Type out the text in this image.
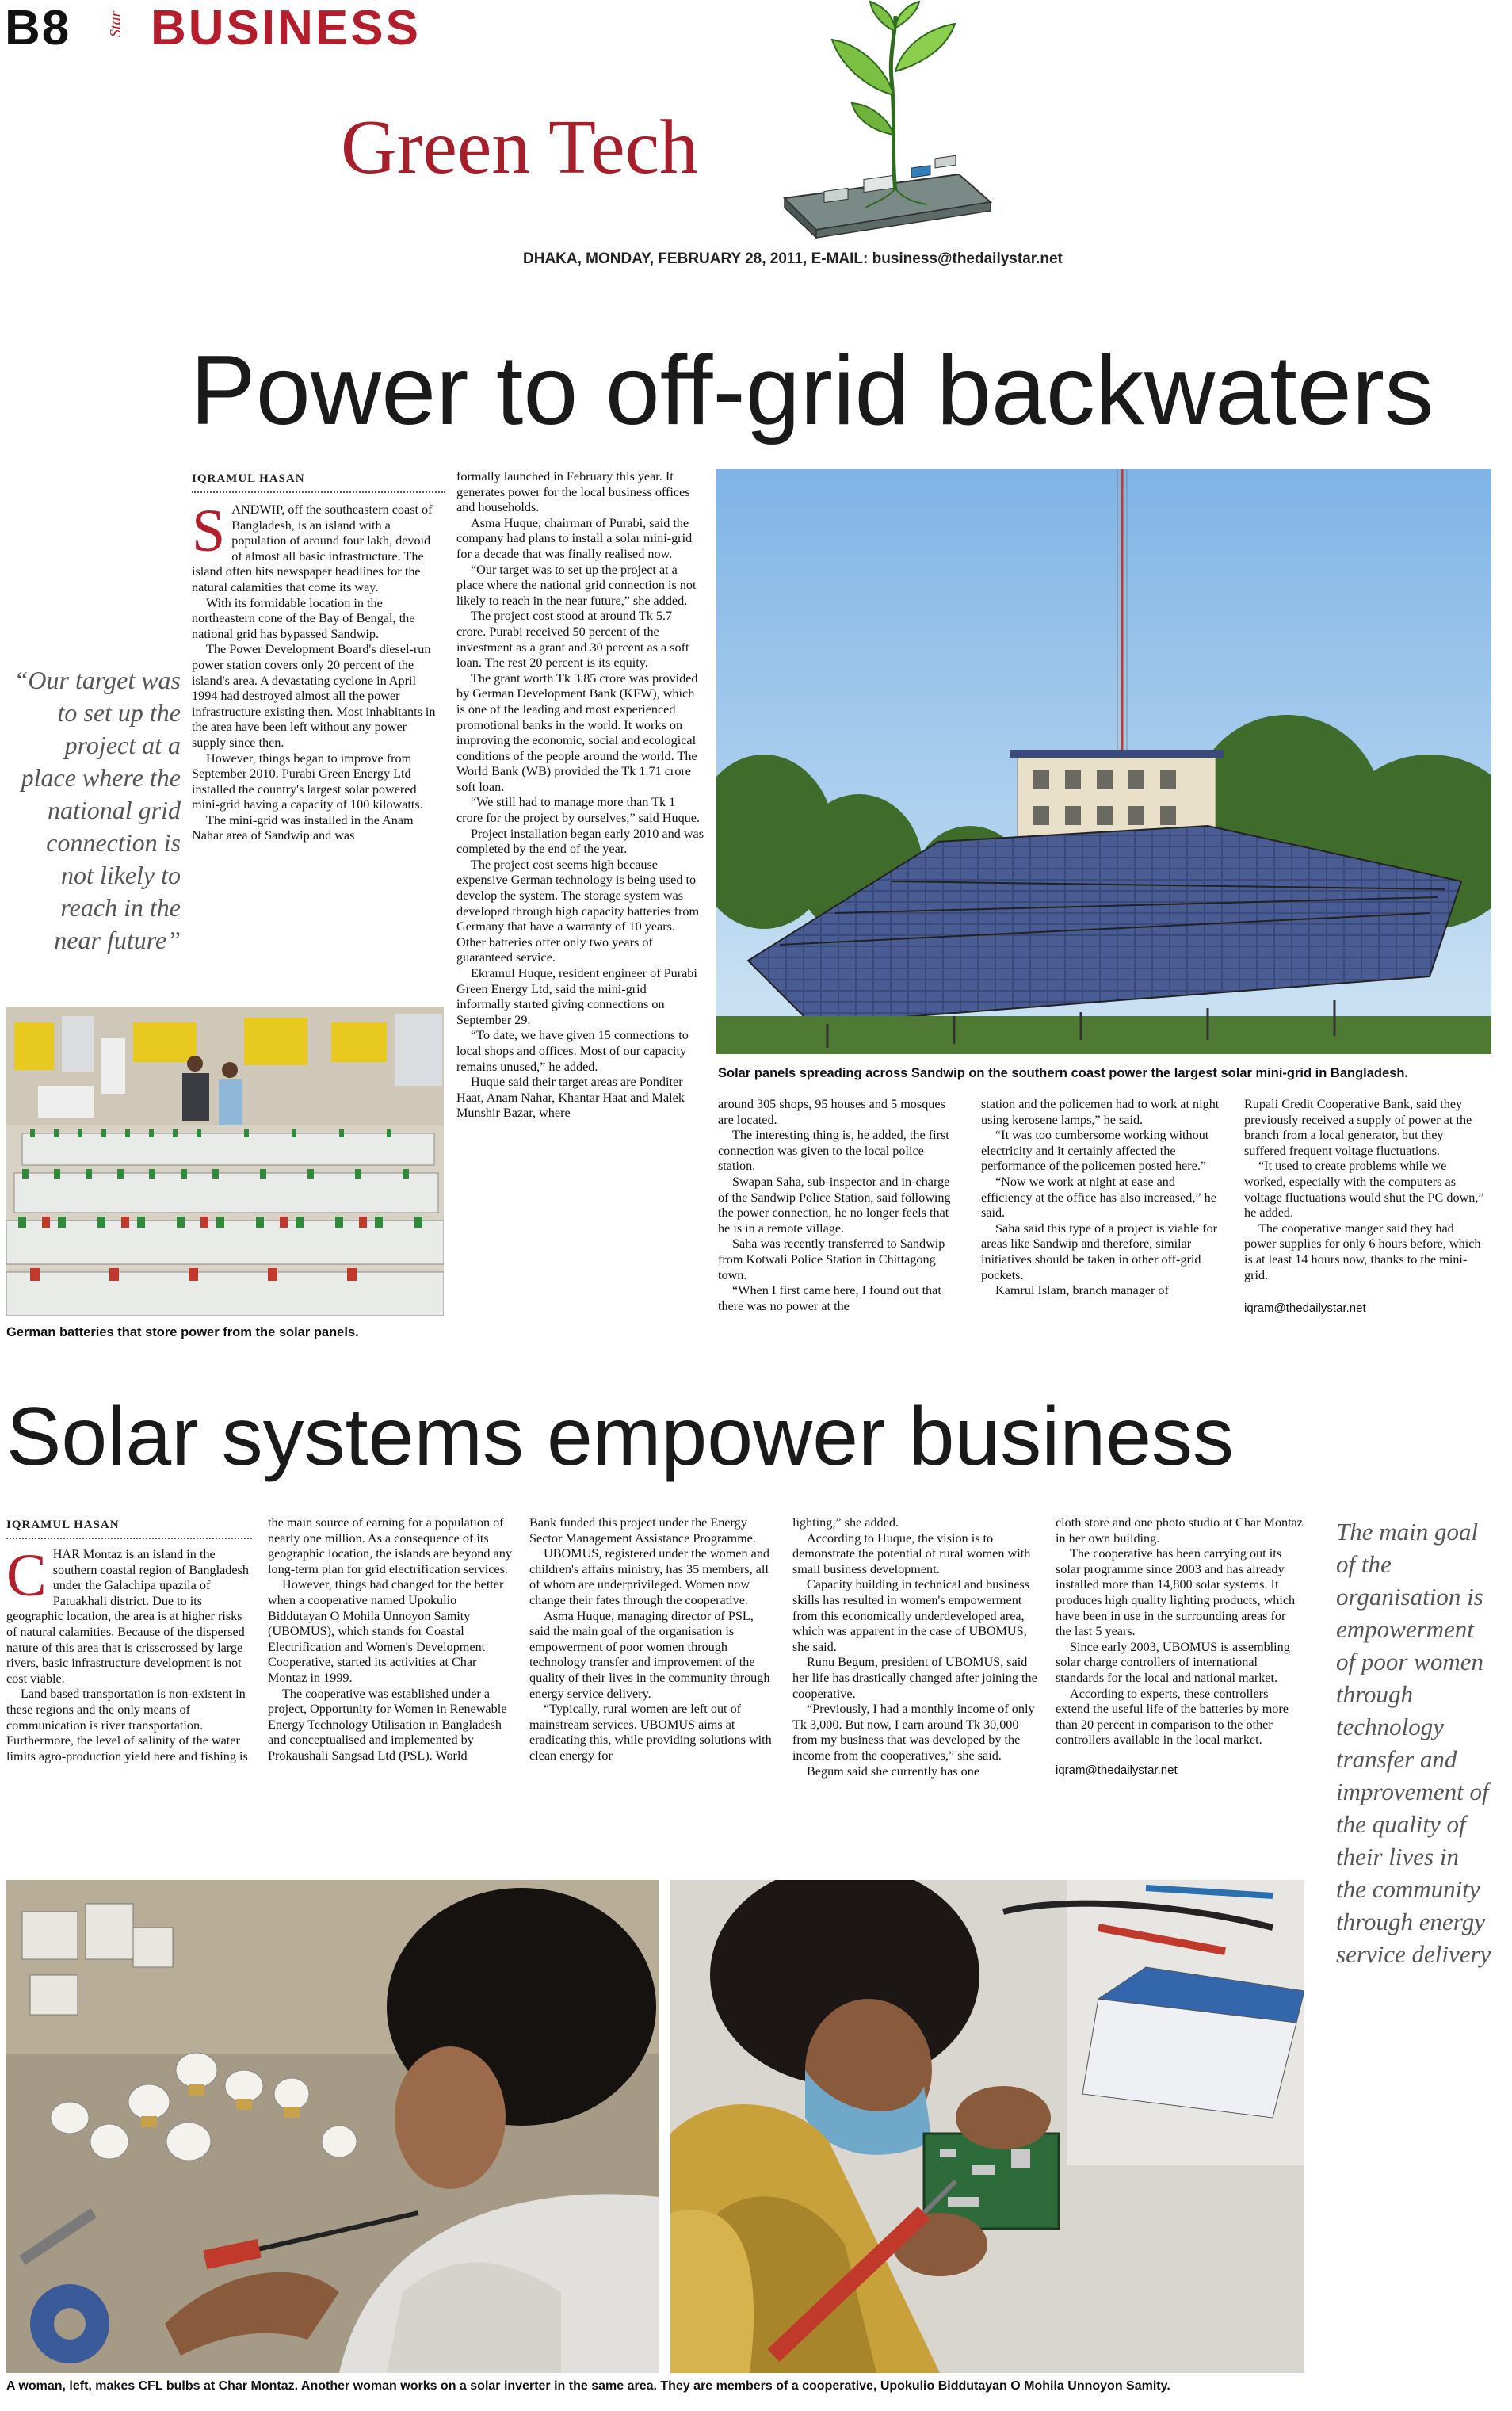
B8 Star BUSINESS
Green Tech
DHAKA, MONDAY, FEBRUARY 28, 2011, E-MAIL: business@thedailystar.net
Power to off-grid backwaters
IQRAMUL HASAN
“Our target was to set up the project at a place where the national grid connection is not likely to reach in the near future”
S ANDWIP, off the southeastern coast of Bangladesh, is an island with a population of around four lakh, devoid of almost all basic infrastructure. The island often hits newspaper headlines for the natural calamities that come its way.

With its formidable location in the northeastern cone of the Bay of Bengal, the national grid has bypassed Sandwip.

The Power Development Board's diesel-run power station covers only 20 percent of the island's area. A devastating cyclone in April 1994 had destroyed almost all the power infrastructure existing then. Most inhabitants in the area have been left without any power supply since then.

However, things began to improve from September 2010. Purabi Green Energy Ltd installed the country's largest solar powered mini-grid having a capacity of 100 kilowatts.

The mini-grid was installed in the Anam Nahar area of Sandwip and was

German batteries that store power from the solar panels.

formally launched in February this year. It generates power for the local business offices and households.

Asma Huque, chairman of Purabi, said the company had plans to install a solar mini-grid for a decade that was finally realised now.

“Our target was to set up the project at a place where the national grid connection is not likely to reach in the near future,” she added.

The project cost stood at around Tk 5.7 crore. Purabi received 50 percent of the investment as a grant and 30 percent as a soft loan. The rest 20 percent is its equity.

The grant worth Tk 3.85 crore was provided by German Development Bank (KFW), which is one of the leading and most experienced promotional banks in the world. It works on improving the economic, social and ecological conditions of the people around the world. The World Bank (WB) provided the Tk 1.71 crore soft loan.

“We still had to manage more than Tk 1 crore for the project by ourselves,” said Huque.

Project installation began early 2010 and was completed by the end of the year.

The project cost seems high because expensive German technology is being used to develop the system. The storage system was developed through high capacity batteries from Germany that have a warranty of 10 years. Other batteries offer only two years of guaranteed service.

Ekramul Huque, resident engineer of Purabi Green Energy Ltd, said the mini-grid informally started giving connections on September 29.

“To date, we have given 15 connections to local shops and offices. Most of our capacity remains unused,” he added.

Huque said their target areas are Ponditer Haat, Anam Nahar, Khantar Haat and Malek Munshir Bazar, where

Solar panels spreading across Sandwip on the southern coast power the largest solar mini-grid in Bangladesh.

around 305 shops, 95 houses and 5 mosques are located.

The interesting thing is, he added, the first connection was given to the local police station.

Swapan Saha, sub-inspector and in-charge of the Sandwip Police Station, said following the power connection, he no longer feels that he is in a remote village.

Saha was recently transferred to Sandwip from Kotwali Police Station in Chittagong town.

“When I first came here, I found out that there was no power at the

station and the policemen had to work at night using kerosene lamps,” he said.

“It was too cumbersome working without electricity and it certainly affected the performance of the policemen posted here.”

“Now we work at night at ease and efficiency at the office has also increased,” he said.

Saha said this type of a project is viable for areas like Sandwip and therefore, similar initiatives should be taken in other off-grid pockets.

Kamrul Islam, branch manager of

Rupali Credit Cooperative Bank, said they previously received a supply of power at the branch from a local generator, but they suffered frequent voltage fluctuations.

“It used to create problems while we worked, especially with the computers as voltage fluctuations would shut the PC down,” he added.

The cooperative manger said they had power supplies for only 6 hours before, which is at least 14 hours now, thanks to the mini-grid.

iqram@thedailystar.net

Solar systems empower business
IQRAMUL HASAN
C HAR Montaz is an island in the southern coastal region of Bangladesh under the Galachipa upazila of Patuakhali district. Due to its geographic location, the area is at higher risks of natural calamities. Because of the dispersed nature of this area that is crisscrossed by large rivers, basic infrastructure development is not cost viable.

Land based transportation is non-existent in these regions and the only means of communication is river transportation. Furthermore, the level of salinity of the water limits agro-production yield here and fishing is

the main source of earning for a population of nearly one million. As a consequence of its geographic location, the islands are beyond any long-term plan for grid electrification services.

However, things had changed for the better when a cooperative named Upokulio Biddutayan O Mohila Unnoyon Samity (UBOMUS), which stands for Coastal Electrification and Women's Development Cooperative, started its activities at Char Montaz in 1999.

The cooperative was established under a project, Opportunity for Women in Renewable Energy Technology Utilisation in Bangladesh and conceptualised and implemented by Prokaushali Sangsad Ltd (PSL). World

Bank funded this project under the Energy Sector Management Assistance Programme.

UBOMUS, registered under the women and children's affairs ministry, has 35 members, all of whom are underprivileged. Women now change their fates through the cooperative.

Asma Huque, managing director of PSL, said the main goal of the organisation is empowerment of poor women through technology transfer and improvement of the quality of their lives in the community through energy service delivery.

“Typically, rural women are left out of mainstream services. UBOMUS aims at eradicating this, while providing solutions with clean energy for

lighting,” she added.

According to Huque, the vision is to demonstrate the potential of rural women with small business development.

Capacity building in technical and business skills has resulted in women's empowerment from this economically underdeveloped area, which was apparent in the case of UBOMUS, she said.

Runu Begum, president of UBOMUS, said her life has drastically changed after joining the cooperative.

“Previously, I had a monthly income of only Tk 3,000. But now, I earn around Tk 30,000 from my business that was developed by the income from the cooperatives,” she said.

Begum said she currently has one

cloth store and one photo studio at Char Montaz in her own building.

The cooperative has been carrying out its solar programme since 2003 and has already installed more than 14,800 solar systems. It produces high quality lighting products, which have been in use in the surrounding areas for the last 5 years.

Since early 2003, UBOMUS is assembling solar charge controllers of international standards for the local and national market.

According to experts, these controllers extend the useful life of the batteries by more than 20 percent in comparison to the other controllers available in the local market.

iqram@thedailystar.net

The main goal of the organisation is empowerment of poor women through technology transfer and improvement of the quality of their lives in the community through energy service delivery
A woman, left, makes CFL bulbs at Char Montaz. Another woman works on a solar inverter in the same area. They are members of a cooperative, Upokulio Biddutayan O Mohila Unnoyon Samity.
